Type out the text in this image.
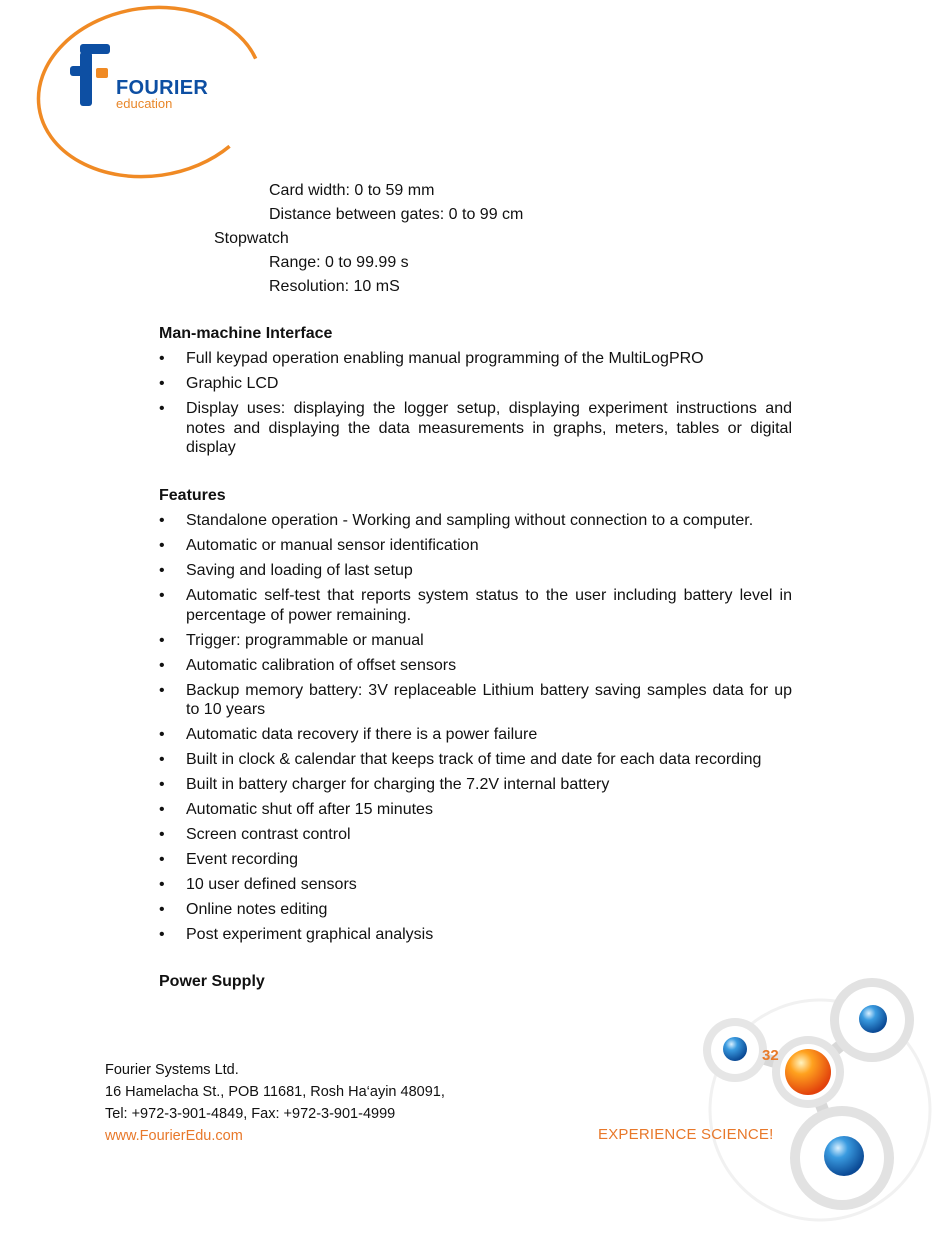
FOURIER
education
Card width: 0 to 59 mm
Distance between gates: 0 to 99 cm
Stopwatch
Range: 0 to 99.99 s
Resolution: 10 mS
Man-machine Interface
• Full keypad operation enabling manual programming of the MultiLogPRO
• Graphic LCD
• Display uses: displaying the logger setup, displaying experiment instructions and notes and displaying the data measurements in graphs, meters, tables or digital display
Features
• Standalone operation - Working and sampling without connection to a computer.
• Automatic or manual sensor identification
• Saving and loading of last setup
• Automatic self-test that reports system status to the user including battery level in percentage of power remaining.
• Trigger: programmable or manual
• Automatic calibration of offset sensors
• Backup memory battery: 3V replaceable Lithium battery saving samples data for up to 10 years
• Automatic data recovery if there is a power failure
• Built in clock & calendar that keeps track of time and date for each data recording
• Built in battery charger for charging the 7.2V internal battery
• Automatic shut off after 15 minutes
• Screen contrast control
• Event recording
• 10 user defined sensors
• Online notes editing
• Post experiment graphical analysis
Power Supply
32
Fourier Systems Ltd.
16 Hamelacha St., POB 11681, Rosh Ha‘ayin 48091,
Tel: +972-3-901-4849, Fax: +972-3-901-4999
www.FourierEdu.com	EXPERIENCE SCIENCE!
